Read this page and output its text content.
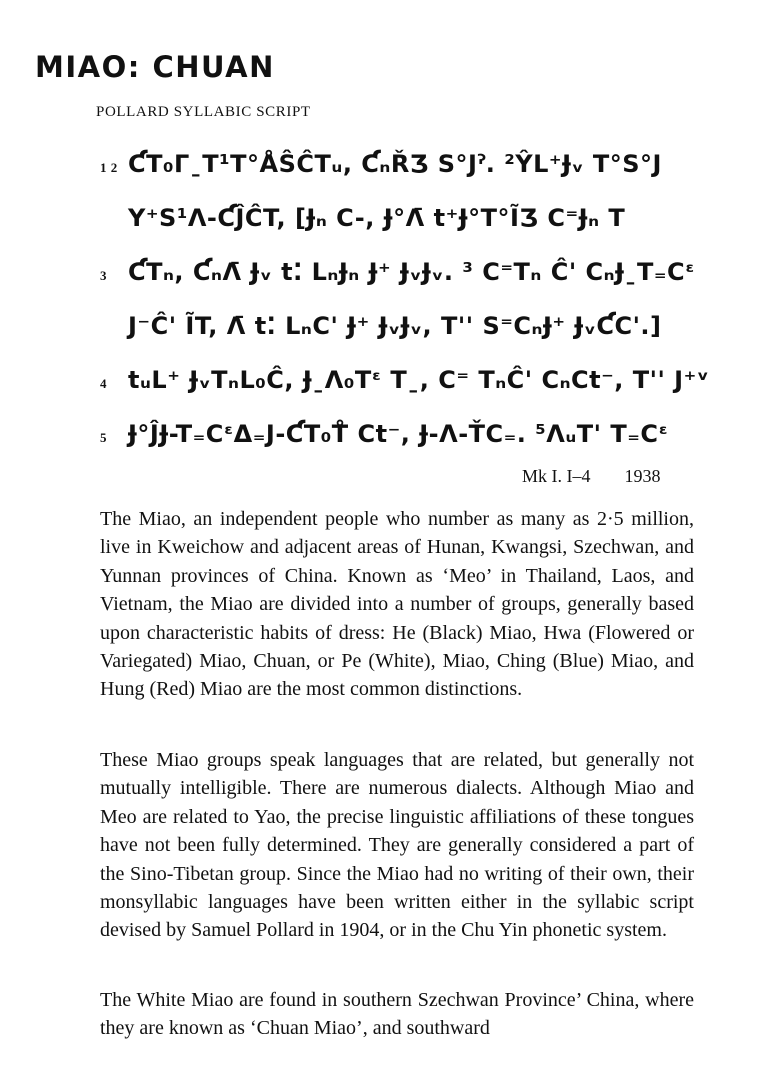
MIAO: CHUAN
POLLARD SYLLABIC SCRIPT
1 2 ƇT₀ΓˍT¹T°ÅŜĈTᵤ, ƇₙŘƷ S°Jˀ. ²ŶL⁺Ɉᵥ T°S°J
Y⁺S¹Λ-ƇĴĈT, [Ɉₙ C-, Ɉ°Λ̄ t⁺Ɉ°T°ĨƷ C⁼Ɉₙ T
3 ƇTₙ, ƇₙΛ̄ Ɉᵥ t⁚ LₙɈₙ Ɉ⁺ ɈᵥɈᵥ. ³ C⁼Tₙ Ĉ' CₙɈˍT₌Cᵋ
J⁻Ĉ' ĨT, Λ̄ t⁚ LₙC' Ɉ⁺ ɈᵥɈᵥ, T'' S⁼CₙɈ⁺ ɈᵥƇC'.]
4 tᵤL⁺ ɈᵥTₙL₀Ĉ, ɈˍΛ₀Tᵋ Tˍ, C⁼ TₙĈ' CₙCt⁻, T'' J⁺ᵛ
5 Ɉ°ĴɈ-T₌CᵋΔ₌J-ƇT₀T̊ Ct⁻, Ɉ-Λ-ŤC₌. ⁵ΛᵤT' T₌Cᵋ
Mk I. I–4 1938

The Miao, an independent people who number as many as 2·5 million, live in Kweichow and adjacent areas of Hunan, Kwangsi, Szechwan, and Yunnan provinces of China. Known as ‘Meo’ in Thailand, Laos, and Vietnam, the Miao are divided into a number of groups, generally based upon characteristic habits of dress: He (Black) Miao, Hwa (Flowered or Variegated) Miao, Chuan, or Pe (White), Miao, Ching (Blue) Miao, and Hung (Red) Miao are the most common distinctions.

These Miao groups speak languages that are related, but generally not mutually intelligible. There are numerous dialects. Although Miao and Meo are related to Yao, the precise linguistic affiliations of these tongues have not been fully determined. They are generally considered a part of the Sino-Tibetan group. Since the Miao had no writing of their own, their monsyllabic languages have been written either in the syllabic script devised by Samuel Pollard in 1904, or in the Chu Yin phonetic system.

The White Miao are found in southern Szechwan Province’ China, where they are known as ‘Chuan Miao’, and southward
